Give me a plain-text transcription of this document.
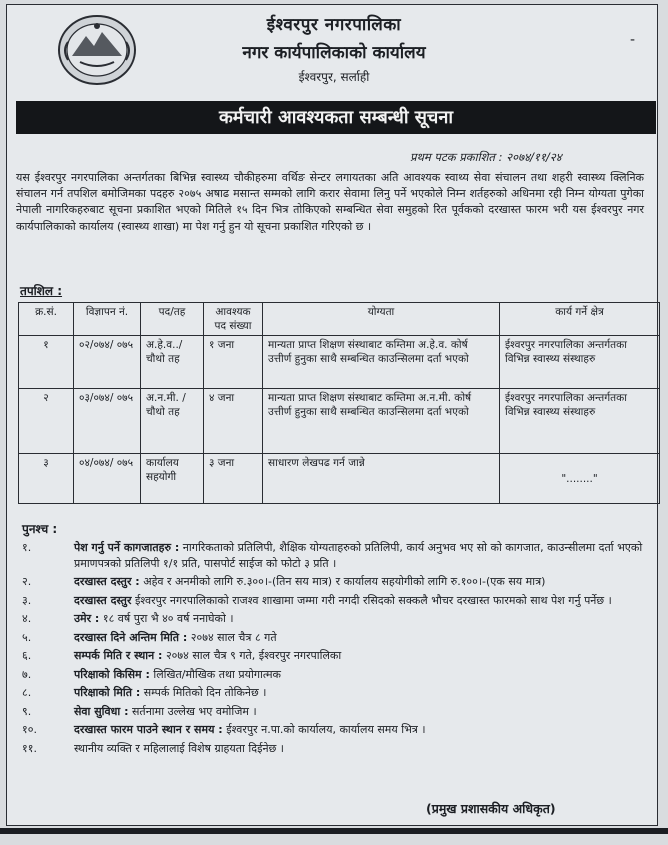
ईश्वरपुर नगरपालिका
नगर कार्यपालिकाको कार्यालय
ईश्वरपुर, सर्लाही
-
कर्मचारी आवश्यकता सम्बन्धी सूचना
प्रथम पटक प्रकाशित : २०७४/११/२४
यस ईश्वरपुर नगरपालिका अन्तर्गतका बिभिन्न स्वास्थ्य चौकीहरुमा वर्थिङ सेन्टर लगायतका अति आवश्यक स्वाथ्य सेवा संचालन तथा शहरी स्वास्थ्य क्लिनिक संचालन गर्न तपशिल बमोजिमका पदहरु २०७५ अषाढ मसान्त सम्मको लागि करार सेवामा लिनु पर्ने भएकोले निम्न शर्तहरुको अधिनमा रही निम्न योग्यता पुगेका नेपाली नागरिकहरुबाट सूचना प्रकाशित भएको मितिले १५ दिन भित्र तोकिएको सम्बन्धित सेवा समुहको रित पूर्वकको दरखास्त फारम भरी यस ईश्वरपुर नगर कार्यपालिकाको कार्यालय (स्वास्थ्य शाखा) मा पेश गर्नु हुन यो सूचना प्रकाशित गरिएको छ ।
तपशिल :
क्र.सं.	विज्ञापन नं.	पद/तह	आवश्यक पद संख्या	योग्यता	कार्य गर्ने क्षेत्र
१	०२/०७४/ ०७५	अ.हे.व../ चौथो तह	१ जना	मान्यता प्राप्त शिक्षण संस्थाबाट कम्तिमा अ.हे.व. कोर्ष उत्तीर्ण हुनुका साथै सम्बन्धित काउन्सिलमा दर्ता भएको	ईश्वरपुर नगरपालिका अन्तर्गतका विभिन्न स्वास्थ्य संस्थाहरु
२	०३/०७४/ ०७५	अ.न.मी. / चौथो तह	४ जना	मान्यता प्राप्त शिक्षण संस्थाबाट कम्तिमा अ.न.मी. कोर्ष उत्तीर्ण हुनुका साथै सम्बन्धित काउन्सिलमा दर्ता भएको	ईश्वरपुर नगरपालिका अन्तर्गतका विभिन्न स्वास्थ्य संस्थाहरु
३	०४/०७४/ ०७५	कार्यालय सहयोगी	३ जना	साधारण लेखपढ गर्न जान्ने	"........"
पुनश्च :
१.	पेश गर्नु पर्ने कागजातहरु : नागरिकताको प्रतिलिपी, शैक्षिक योग्यताहरुको प्रतिलिपी, कार्य अनुभव भए सो को कागजात, काउन्सीलमा दर्ता भएको प्रमाणपत्रको प्रतिलिपी १/१ प्रति, पासपोर्ट साईज को फोटो ३ प्रति ।
२.	दरखास्त दस्तुर : अहेव र अनमीको लागि रु.३००।-(तिन सय मात्र) र कार्यालय सहयोगीको लागि रु.१००।-(एक सय मात्र)
३.	दरखास्त दस्तुर ईश्वरपुर नगरपालिकाको राजश्व शाखामा जम्मा गरी नगदी रसिदको सक्कलै भौचर दरखास्त फारमको साथ पेश गर्नु पर्नेछ ।
४.	उमेर : १८ वर्ष पुरा भै ४० वर्ष ननाघेको ।
५.	दरखास्त दिने अन्तिम मिति : २०७४ साल चैत्र ८ गते
६.	सम्पर्क मिति र स्थान : २०७४ साल चैत्र ९ गते, ईश्वरपुर नगरपालिका
७.	परिक्षाको किसिम : लिखित/मौखिक तथा प्रयोगात्मक
८.	परिक्षाको मिति : सम्पर्क मितिको दिन तोकिनेछ ।
९.	सेवा सुविधा : सर्तनामा उल्लेख भए वमोजिम ।
१०.	दरखास्त फारम पाउने स्थान र समय : ईश्वरपुर न.पा.को कार्यालय, कार्यालय समय भित्र ।
११.	स्थानीय व्यक्ति र महिलालाई विशेष ग्राहयता दिईनेछ ।
(प्रमुख प्रशासकीय अधिकृत)
